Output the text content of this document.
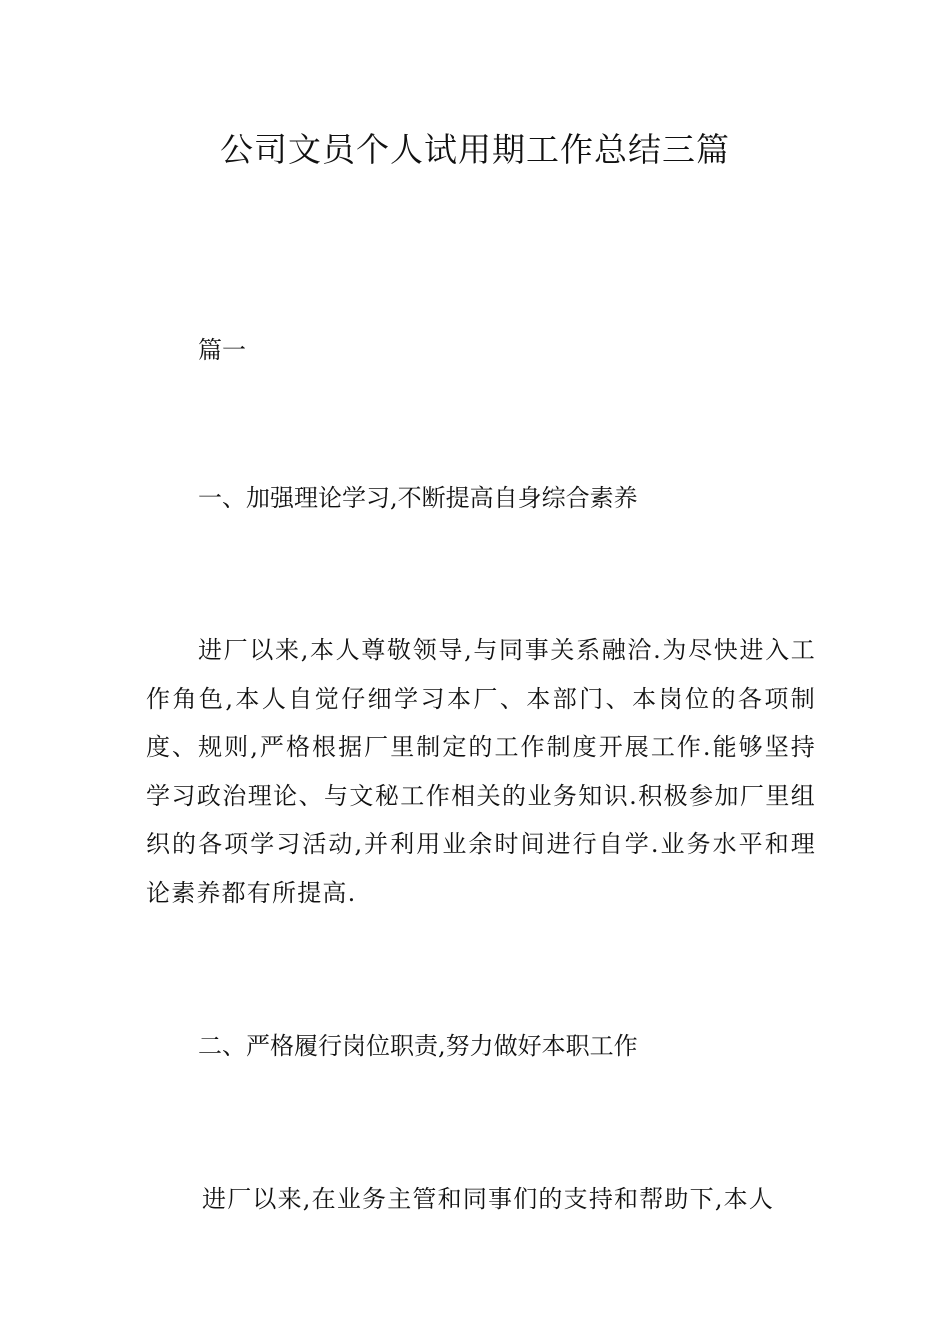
公司文员个人试用期工作总结三篇
篇一
一、加强理论学习,不断提高自身综合素养
进厂以来,本人尊敬领导,与同事关系融洽.为尽快进入工作角色,本人自觉仔细学习本厂、本部门、本岗位的各项制度、规则,严格根据厂里制定的工作制度开展工作.能够坚持学习政治理论、与文秘工作相关的业务知识.积极参加厂里组织的各项学习活动,并利用业余时间进行自学.业务水平和理论素养都有所提高.
二、严格履行岗位职责,努力做好本职工作
进厂以来,在业务主管和同事们的支持和帮助下,本人
